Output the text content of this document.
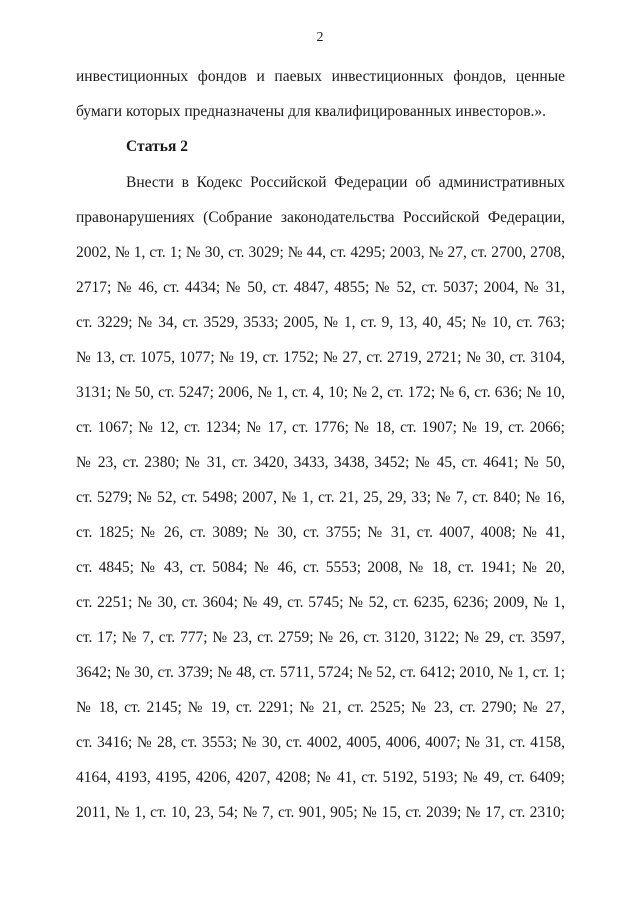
2
инвестиционных фондов и паевых инвестиционных фондов, ценные
бумаги которых предназначены для квалифицированных инвесторов.».
Статья 2
Внести в Кодекс Российской Федерации об административных
правонарушениях (Собрание законодательства Российской Федерации,
2002, № 1, ст. 1; № 30, ст. 3029; № 44, ст. 4295; 2003, № 27, ст. 2700, 2708,
2717; № 46, ст. 4434; № 50, ст. 4847, 4855; № 52, ст. 5037; 2004, № 31,
ст. 3229; № 34, ст. 3529, 3533; 2005, № 1, ст. 9, 13, 40, 45; № 10, ст. 763;
№ 13, ст. 1075, 1077; № 19, ст. 1752; № 27, ст. 2719, 2721; № 30, ст. 3104,
3131; № 50, ст. 5247; 2006, № 1, ст. 4, 10; № 2, ст. 172; № 6, ст. 636; № 10,
ст. 1067; № 12, ст. 1234; № 17, ст. 1776; № 18, ст. 1907; № 19, ст. 2066;
№ 23, ст. 2380; № 31, ст. 3420, 3433, 3438, 3452; № 45, ст. 4641; № 50,
ст. 5279; № 52, ст. 5498; 2007, № 1, ст. 21, 25, 29, 33; № 7, ст. 840; № 16,
ст. 1825; № 26, ст. 3089; № 30, ст. 3755; № 31, ст. 4007, 4008; № 41,
ст. 4845; № 43, ст. 5084; № 46, ст. 5553; 2008, № 18, ст. 1941; № 20,
ст. 2251; № 30, ст. 3604; № 49, ст. 5745; № 52, ст. 6235, 6236; 2009, № 1,
ст. 17; № 7, ст. 777; № 23, ст. 2759; № 26, ст. 3120, 3122; № 29, ст. 3597,
3642; № 30, ст. 3739; № 48, ст. 5711, 5724; № 52, ст. 6412; 2010, № 1, ст. 1;
№ 18, ст. 2145; № 19, ст. 2291; № 21, ст. 2525; № 23, ст. 2790; № 27,
ст. 3416; № 28, ст. 3553; № 30, ст. 4002, 4005, 4006, 4007; № 31, ст. 4158,
4164, 4193, 4195, 4206, 4207, 4208; № 41, ст. 5192, 5193; № 49, ст. 6409;
2011, № 1, ст. 10, 23, 54; № 7, ст. 901, 905; № 15, ст. 2039; № 17, ст. 2310;
